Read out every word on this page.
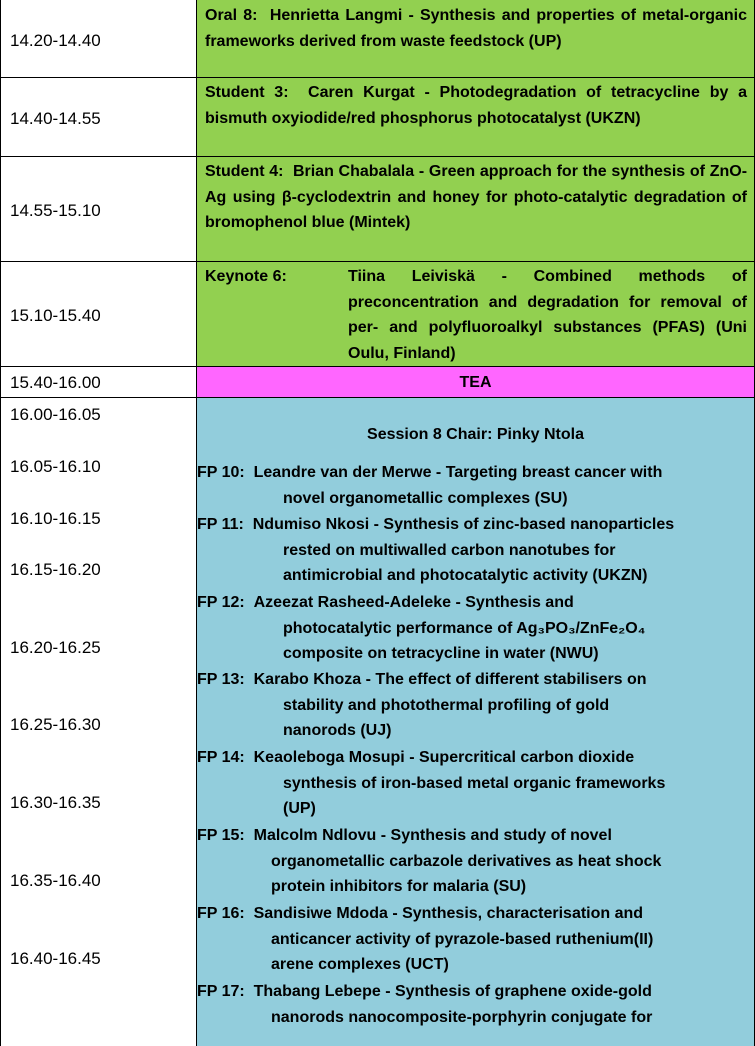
14.20-14.40
Oral 8: Henrietta Langmi - Synthesis and properties of metal-organic frameworks derived from waste feedstock (UP)
14.40-14.55
Student 3: Caren Kurgat - Photodegradation of tetracycline by a bismuth oxyiodide/red phosphorus photocatalyst (UKZN)
14.55-15.10
Student 4: Brian Chabalala - Green approach for the synthesis of ZnO-Ag using β-cyclodextrin and honey for photo-catalytic degradation of bromophenol blue (Mintek)
15.10-15.40
Keynote 6:	Tiina Leiviskä - Combined methods of preconcentration and degradation for removal of per- and polyfluoroalkyl substances (PFAS) (Uni Oulu, Finland)
15.40-16.00	TEA
16.00-16.05
16.05-16.10
16.10-16.15
16.15-16.20
16.20-16.25
16.25-16.30
16.30-16.35
16.35-16.40
16.40-16.45
Session 8 Chair: Pinky Ntola
FP 10: Leandre van der Merwe - Targeting breast cancer with
novel organometallic complexes (SU)
FP 11: Ndumiso Nkosi - Synthesis of zinc-based nanoparticles
rested on multiwalled carbon nanotubes for
antimicrobial and photocatalytic activity (UKZN)
FP 12: Azeezat Rasheed-Adeleke - Synthesis and
photocatalytic performance of Ag₃PO₃/ZnFe₂O₄
composite on tetracycline in water (NWU)
FP 13: Karabo Khoza - The effect of different stabilisers on
stability and photothermal profiling of gold
nanorods (UJ)
FP 14: Keaoleboga Mosupi - Supercritical carbon dioxide
synthesis of iron-based metal organic frameworks
(UP)
FP 15: Malcolm Ndlovu - Synthesis and study of novel
organometallic carbazole derivatives as heat shock
protein inhibitors for malaria (SU)
FP 16: Sandisiwe Mdoda - Synthesis, characterisation and
anticancer activity of pyrazole-based ruthenium(II)
arene complexes (UCT)
FP 17: Thabang Lebepe - Synthesis of graphene oxide-gold
nanorods nanocomposite-porphyrin conjugate for
